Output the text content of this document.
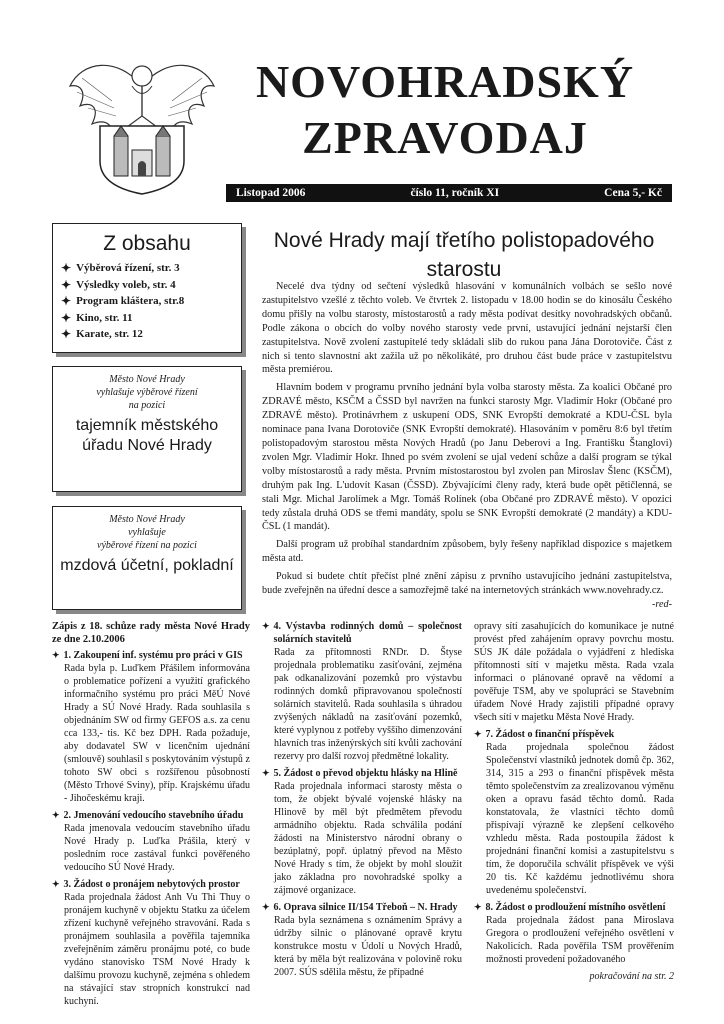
NOVOHRADSKÝ
ZPRAVODAJ
Listopad 2006	číslo 11, ročník XI	Cena 5,- Kč
Z obsahu
✦ Výběrová řízení, str. 3
✦ Výsledky voleb, str. 4
✦ Program kláštera, str.8
✦ Kino, str. 11
✦ Karate, str. 12
Město Nové Hrady
vyhlašuje výběrové řízení
na pozici
tajemník městského úřadu Nové Hrady
Město Nové Hrady
vyhlašuje
výběrové řízení na pozici
mzdová účetní, pokladní
Nové Hrady mají třetího polistopadového starostu

Necelé dva týdny od sečtení výsledků hlasování v komunálních volbách se sešlo nové zastupitelstvo vzešlé z těchto voleb. Ve čtvrtek 2. listopadu v 18.00 hodin se do kinosálu Českého domu přišly na volbu starosty, místostarostů a rady města podívat desítky novohradských občanů. Podle zákona o obcích do volby nového starosty vede první, ustavující jednání nejstarší člen zastupitelstva. Nově zvolení zastupitelé tedy skládali slib do rukou pana Jána Dorotoviče. Část z nich si tento slavnostní akt zažila už po několikáté, pro druhou část bude práce v zastupitelstvu města premiérou.

Hlavním bodem v programu prvního jednání byla volba starosty města. Za koalici Občané pro ZDRAVÉ město, KSČM a ČSSD byl navržen na funkci starosty Mgr. Vladimír Hokr (Občané pro ZDRAVÉ město). Protinávrhem z uskupení ODS, SNK Evropští demokraté a KDU-ČSL byla nominace pana Ivana Dorotoviče (SNK Evropští demokraté). Hlasováním v poměru 8:6 byl třetím polistopadovým starostou města Nových Hradů (po Janu Deberovi a Ing. Františku Štanglovi) zvolen Mgr. Vladimír Hokr. Ihned po svém zvolení se ujal vedení schůze a další program se týkal volby místostarostů a rady města. Prvním místostarostou byl zvolen pan Miroslav Šlenc (KSČM), druhým pak Ing. L'udovít Kasan (ČSSD). Zbývajícími členy rady, která bude opět pětičlenná, se stali Mgr. Michal Jarolímek a Mgr. Tomáš Rolínek (oba Občané pro ZDRAVÉ město). V opozici tedy zůstala druhá ODS se třemi mandáty, spolu se SNK Evropští demokraté (2 mandáty) a KDU-ČSL (1 mandát).

Další program už probíhal standardním způsobem, byly řešeny například dispozice s majetkem města atd.

Pokud si budete chtít přečíst plné znění zápisu z prvního ustavujícího jednání zastupitelstva, bude zveřejněn na úřední desce a samozřejmě také na internetových stránkách www.novehrady.cz.

-red-
Zápis z 18. schůze rady města Nové Hrady ze dne 2.10.2006
✦ 1. Zakoupení inf. systému pro práci v GIS
Rada byla p. Luďkem Přášilem informována o problematice pořízení a využití grafického informačního systému pro práci MěÚ Nové Hrady a SÚ Nové Hrady. Rada souhlasila s objednáním SW od firmy GEFOS a.s. za cenu cca 133,- tis. Kč bez DPH. Rada požaduje, aby dodavatel SW v licenčním ujednání (smlouvě) souhlasil s poskytováním výstupů z tohoto SW obci s rozšířenou působností (Město Trhové Sviny), příp. Krajskému úřadu - Jihočeskému kraji.
✦ 2. Jmenování vedoucího stavebního úřadu
Rada jmenovala vedoucím stavebního úřadu Nové Hrady p. Luďka Prášila, který v posledním roce zastával funkci pověřeného vedoucího SÚ Nové Hrady.
✦ 3. Žádost o pronájem nebytových prostor
Rada projednala žádost Anh Vu Thi Thuy o pronájem kuchyně v objektu Statku za účelem zřízení kuchyně veřejného stravování. Rada s pronájmem souhlasila a pověřila tajemníka zveřejněním záměru pronájmu poté, co bude vydáno stanovisko TSM Nové Hrady k dalšímu provozu kuchyně, zejména s ohledem na stávající stav stropních konstrukcí nad kuchyní.
✦ 4. Výstavba rodinných domů – společnost solárních stavitelů
Rada za přítomnosti RNDr. D. Štyse projednala problematiku zasíťování, zejména pak odkanalizování pozemků pro výstavbu rodinných domků připravovanou společností solárních stavitelů. Rada souhlasila s úhradou zvýšených nákladů na zasíťování pozemků, které vyplynou z potřeby vyššího dimenzování hlavních tras inženýrských sítí kvůli zachování rezervy pro další rozvoj předmětné lokality.
✦ 5. Žádost o převod objektu hlásky na Hlině
Rada projednala informaci starosty města o tom, že objekt bývalé vojenské hlásky na Hlinově by měl být předmětem převodu armádního objektu. Rada schválila podání žádosti na Ministerstvo národní obrany o bezúplatný, popř. úplatný převod na Město Nové Hrady s tím, že objekt by mohl sloužit jako základna pro novohradské spolky a zájmové organizace.
✦ 6. Oprava silnice II/154 Třeboň – N. Hrady
Rada byla seznámena s oznámením Správy a údržby silnic o plánované opravě krytu konstrukce mostu v Údolí u Nových Hradů, která by měla být realizována v polovině roku 2007. SÚS sdělila městu, že případné
opravy sítí zasahujících do komunikace je nutné provést před zahájením opravy povrchu mostu. SÚS JK dále požádala o vyjádření z hlediska přítomnosti sítí v majetku města. Rada vzala informaci o plánované opravě na vědomí a pověřuje TSM, aby ve spolupráci se Stavebním úřadem Nové Hrady zajistili případné opravy všech sítí v majetku Města Nové Hrady.
✦ 7. Žádost o finanční příspěvek
Rada projednala společnou žádost Společenství vlastníků jednotek domů čp. 362, 314, 315 a 293 o finanční příspěvek města těmto společenstvím za zrealizovanou výměnu oken a opravu fasád těchto domů. Rada konstatovala, že vlastníci těchto domů přispívají výrazně ke zlepšení celkového vzhledu města. Rada postoupila žádost k projednání finanční komisi a zastupitelstvu s tím, že doporučila schválit příspěvek ve výši 20 tis. Kč každému jednotlivému shora uvedenému společenství.
✦ 8. Žádost o prodloužení místního osvětlení
Rada projednala žádost pana Miroslava Gregora o prodloužení veřejného osvětlení v Nakolicích. Rada pověřila TSM prověřením možnosti provedení požadovaného
pokračování na str. 2
